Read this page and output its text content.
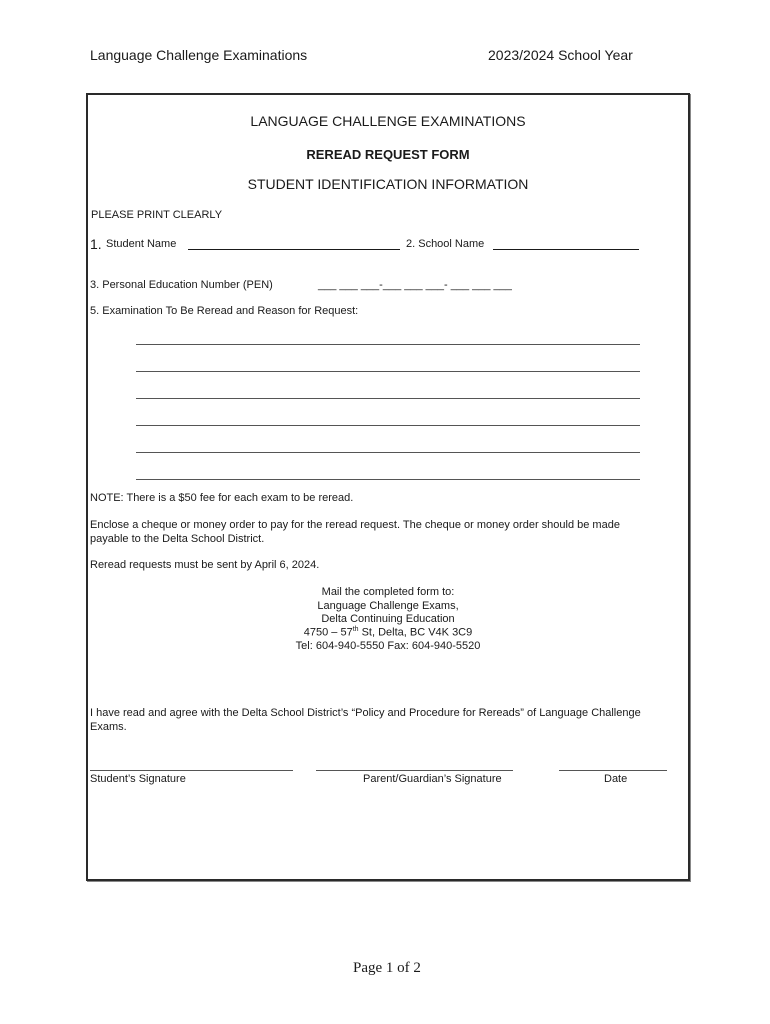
Language Challenge Examinations	2023/2024 School Year
LANGUAGE CHALLENGE EXAMINATIONS
REREAD REQUEST FORM
STUDENT IDENTIFICATION INFORMATION
PLEASE PRINT CLEARLY
1. Student Name	2. School Name
3. Personal Education Number (PEN)	___ ___ ___-___ ___ ___- ___ ___ ___
5. Examination To Be Reread and Reason for Request:
NOTE: There is a $50 fee for each exam to be reread.
Enclose a cheque or money order to pay for the reread request. The cheque or money order should be made
payable to the Delta School District.
Reread requests must be sent by April 6, 2024.
Mail the completed form to:
Language Challenge Exams,
Delta Continuing Education
4750 – 57th St, Delta, BC V4K 3C9
Tel: 604-940-5550 Fax: 604-940-5520
I have read and agree with the Delta School District’s “Policy and Procedure for Rereads” of Language Challenge
Exams.
Student’s Signature	Parent/Guardian’s Signature	Date
Page 1 of 2
